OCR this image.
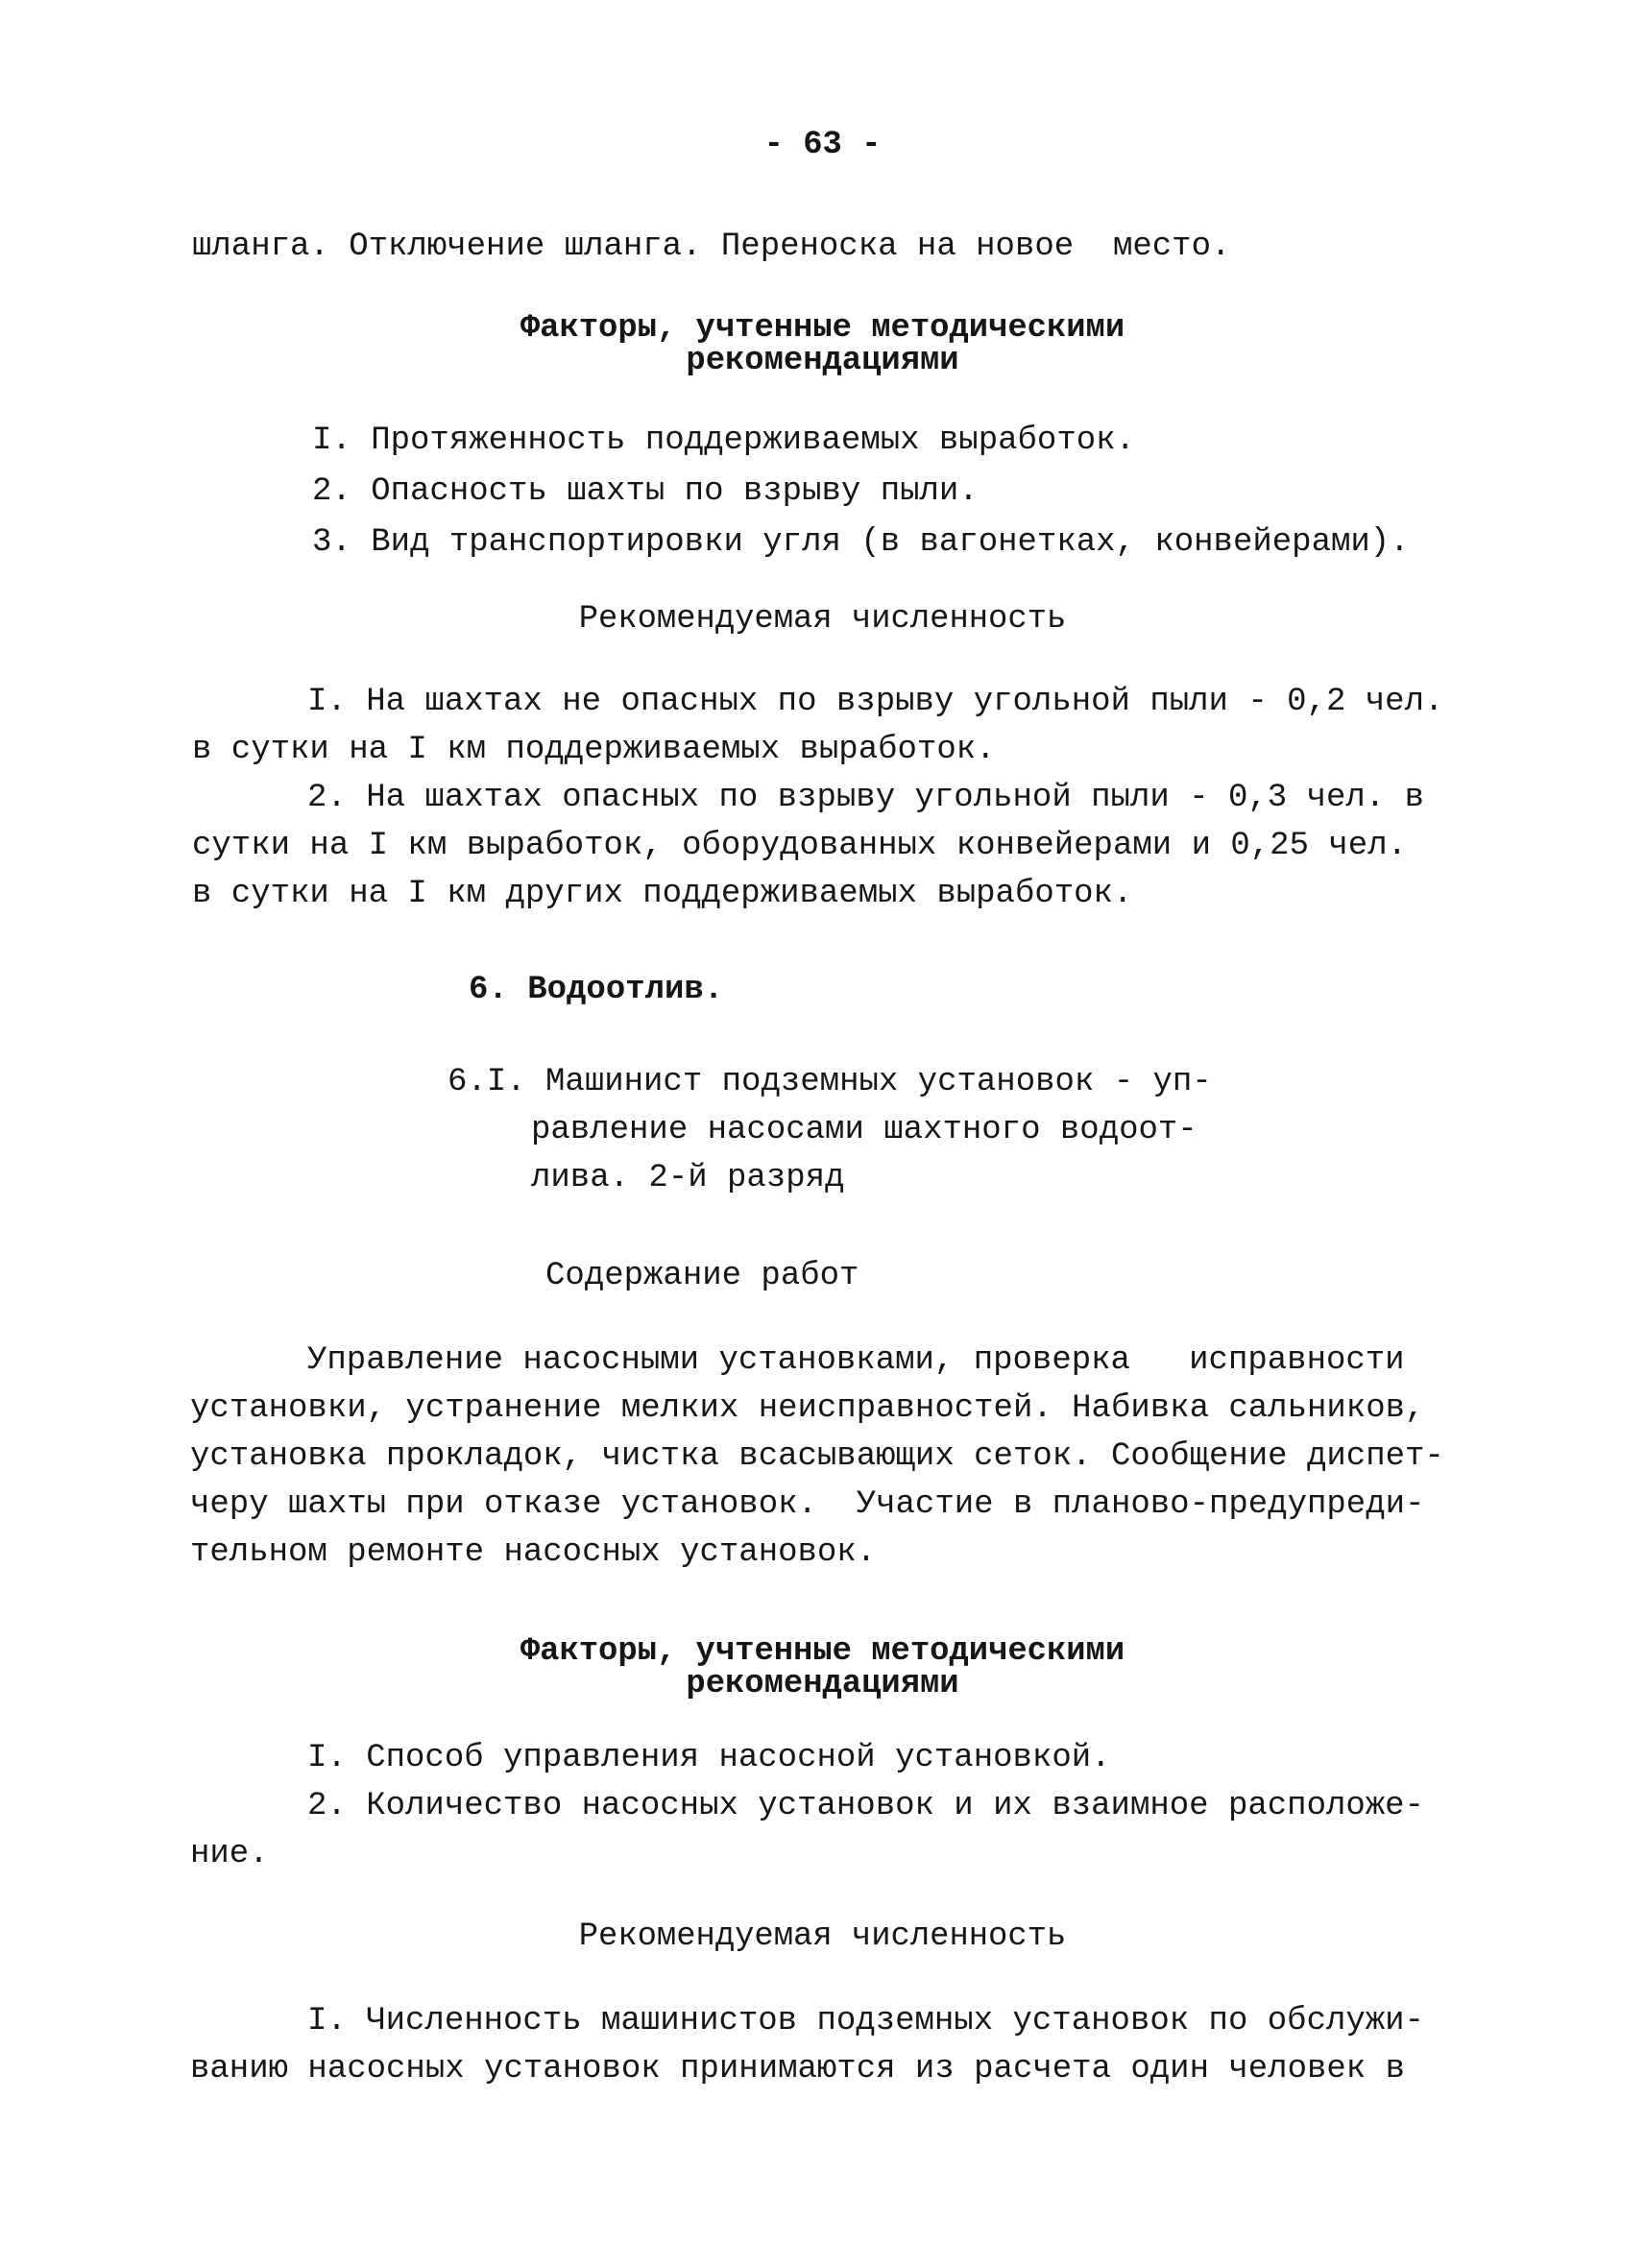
- 63 -
шланга. Отключение шланга. Переноска на новое  место.
Факторы, учтенные методическими
рекомендациями
I. Протяженность поддерживаемых выработок.
2. Опасность шахты по взрыву пыли.
3. Вид транспортировки угля (в вагонетках, конвейерами).
Рекомендуемая численность
I. На шахтах не опасных по взрыву угольной пыли - 0,2 чел.
в сутки на I км поддерживаемых выработок.
2. На шахтах опасных по взрыву угольной пыли - 0,3 чел. в
сутки на I км выработок, оборудованных конвейерами и 0,25 чел.
в сутки на I км других поддерживаемых выработок.
6. Водоотлив.
6.I. Машинист подземных установок - уп-
равление насосами шахтного водоот-
лива. 2-й разряд
Содержание работ
Управление насосными установками, проверка   исправности
установки, устранение мелких неисправностей. Набивка сальников,
установка прокладок, чистка всасывающих сеток. Сообщение диспет-
черу шахты при отказе установок.  Участие в планово-предупреди-
тельном ремонте насосных установок.
Факторы, учтенные методическими
рекомендациями
I. Способ управления насосной установкой.
2. Количество насосных установок и их взаимное расположе-
ние.
Рекомендуемая численность
I. Численность машинистов подземных установок по обслужи-
ванию насосных установок принимаются из расчета один человек в
